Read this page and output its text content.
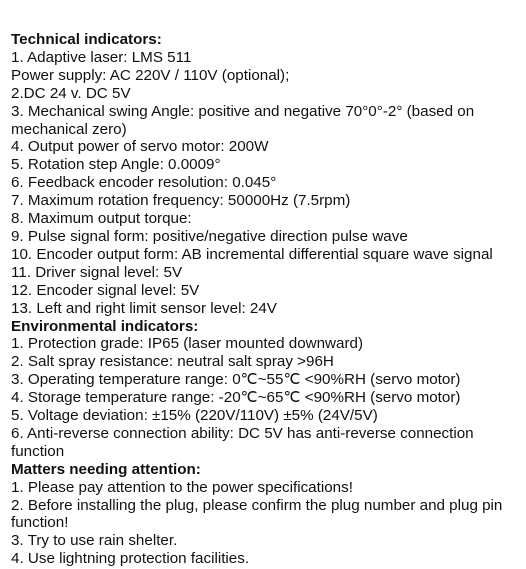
Technical indicators:

1. Adaptive laser: LMS 511

Power supply: AC 220V / 110V (optional);

2.DC 24 v. DC 5V

3. Mechanical swing Angle: positive and negative 70°0°-2° (based on mechanical zero)

4. Output power of servo motor: 200W

5. Rotation step Angle: 0.0009°

6. Feedback encoder resolution: 0.045°

7. Maximum rotation frequency: 50000Hz (7.5rpm)

8. Maximum output torque:

9. Pulse signal form: positive/negative direction pulse wave

10. Encoder output form: AB incremental differential square wave signal

11. Driver signal level: 5V

12. Encoder signal level: 5V

13. Left and right limit sensor level: 24V

Environmental indicators:

1. Protection grade: IP65 (laser mounted downward)

2. Salt spray resistance: neutral salt spray >96H

3. Operating temperature range: 0℃~55℃ <90%RH (servo motor)

4. Storage temperature range: -20℃~65℃ <90%RH (servo motor)

5. Voltage deviation: ±15% (220V/110V) ±5% (24V/5V)

6. Anti-reverse connection ability: DC 5V has anti-reverse connection function

Matters needing attention:

1. Please pay attention to the power specifications!

2. Before installing the plug, please confirm the plug number and plug pin function!

3. Try to use rain shelter.

4. Use lightning protection facilities.
